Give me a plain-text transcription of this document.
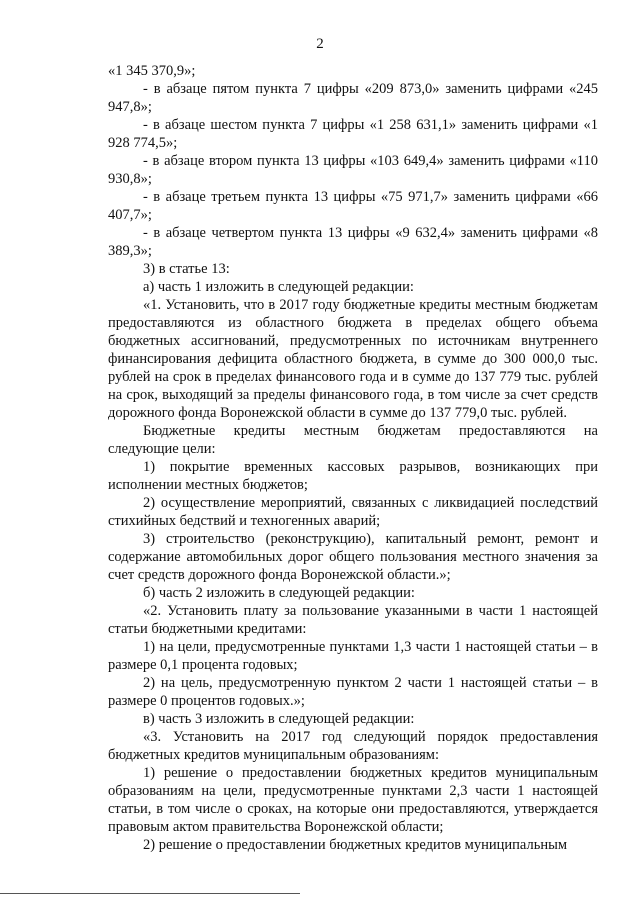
2

«1 345 370,9»;

- в абзаце пятом пункта 7 цифры «209 873,0» заменить цифрами «245 947,8»;

- в абзаце шестом пункта 7 цифры «1 258 631,1» заменить цифрами «1 928 774,5»;

- в абзаце втором пункта 13 цифры «103 649,4» заменить цифрами «110 930,8»;

- в абзаце третьем пункта 13 цифры «75 971,7» заменить цифрами «66 407,7»;

- в абзаце четвертом пункта 13 цифры «9 632,4» заменить цифрами «8 389,3»;

3) в статье 13:

а) часть 1 изложить в следующей редакции:

«1. Установить, что в 2017 году бюджетные кредиты местным бюджетам предоставляются из областного бюджета в пределах общего объема бюджетных ассигнований, предусмотренных по источникам внутреннего финансирования дефицита областного бюджета, в сумме до 300 000,0 тыс. рублей на срок в пределах финансового года и в сумме до 137 779 тыс. рублей на срок, выходящий за пределы финансового года, в том числе за счет средств дорожного фонда Воронежской области в сумме до 137 779,0 тыс. рублей.

Бюджетные кредиты местным бюджетам предоставляются на следующие цели:

1) покрытие временных кассовых разрывов, возникающих при исполнении местных бюджетов;

2) осуществление мероприятий, связанных с ликвидацией последствий стихийных бедствий и техногенных аварий;

3) строительство (реконструкцию), капитальный ремонт, ремонт и содержание автомобильных дорог общего пользования местного значения за счет средств дорожного фонда Воронежской области.»;

б) часть 2 изложить в следующей редакции:

«2. Установить плату за пользование указанными в части 1 настоящей статьи бюджетными кредитами:

1) на цели, предусмотренные пунктами 1,3 части 1 настоящей статьи – в размере 0,1 процента годовых;

2) на цель, предусмотренную пунктом 2 части 1 настоящей статьи – в размере 0 процентов годовых.»;

в) часть 3 изложить в следующей редакции:

«3. Установить на 2017 год следующий порядок предоставления бюджетных кредитов муниципальным образованиям:

1) решение о предоставлении бюджетных кредитов муниципальным образованиям на цели, предусмотренные пунктами 2,3 части 1 настоящей статьи, в том числе о сроках, на которые они предоставляются, утверждается правовым актом правительства Воронежской области;

2) решение о предоставлении бюджетных кредитов муниципальным
